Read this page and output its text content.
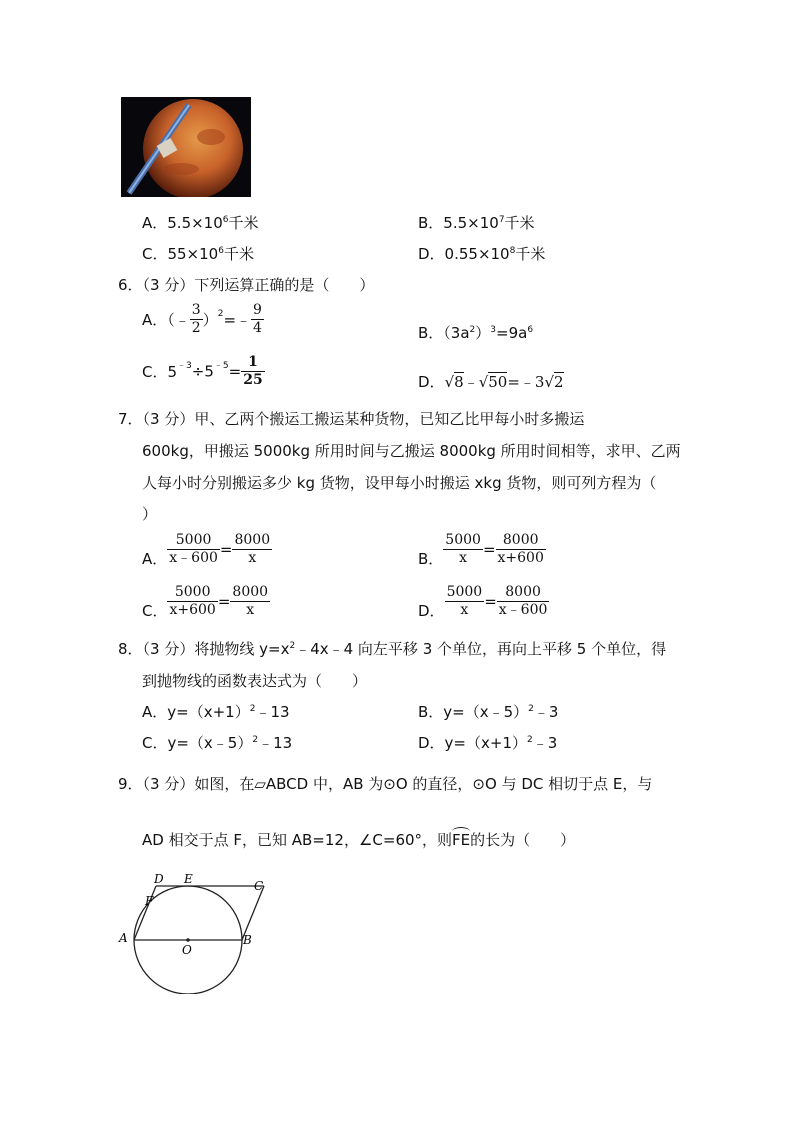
A．$5.5\times 10^6$千米	B．$5.5\times 10^7$千米
C．$55\times 10^6$千米	D．$0.55\times 10^8$千米
6．（3 分）下列运算正确的是（　　）
A．（﹣ $\frac{3}{2}$ ）$^2$=﹣ $\frac{9}{4}$	B．$(3a^2)^3=9a^6$
C．$5^{﹣3}\div 5^{﹣5}= \frac{1}{25}$	D．√8﹣√50=﹣3√2
7．（3 分）甲、乙两个搬运工搬运某种货物，已知乙比甲每小时多搬运
600kg，甲搬运 5000kg 所用时间与乙搬运 8000kg 所用时间相等，求甲、乙两
人每小时分别搬运多少 kg 货物，设甲每小时搬运 xkg 货物，则可列方程为（
）
A． $\frac{5000}{x﹣600} = \frac{8000}{x}$	B． $\frac{5000}{x} = \frac{8000}{x+600}$
C． $\frac{5000}{x+600} = \frac{8000}{x}$	D． $\frac{5000}{x} = \frac{8000}{x﹣600}$
8．（3 分）将抛物线 $y=x^2﹣4x﹣4$ 向左平移 3 个单位，再向上平移 5 个单位，得
到抛物线的函数表达式为（　　）
A．$y=(x+1)^2﹣13$	B．y=（x﹣5）$^2$﹣3
C．y=（x﹣5）$^2$﹣13	D．$y=(x+1)^2﹣3$
9．（3 分）如图，在▱ABCD 中，AB 为⊙O 的直径，⊙O 与 DC 相切于点 E，与
AD 相交于点 F，已知 AB=12，∠C=60°，则FE的长为（　　）
D E	C
F
A
O
B
